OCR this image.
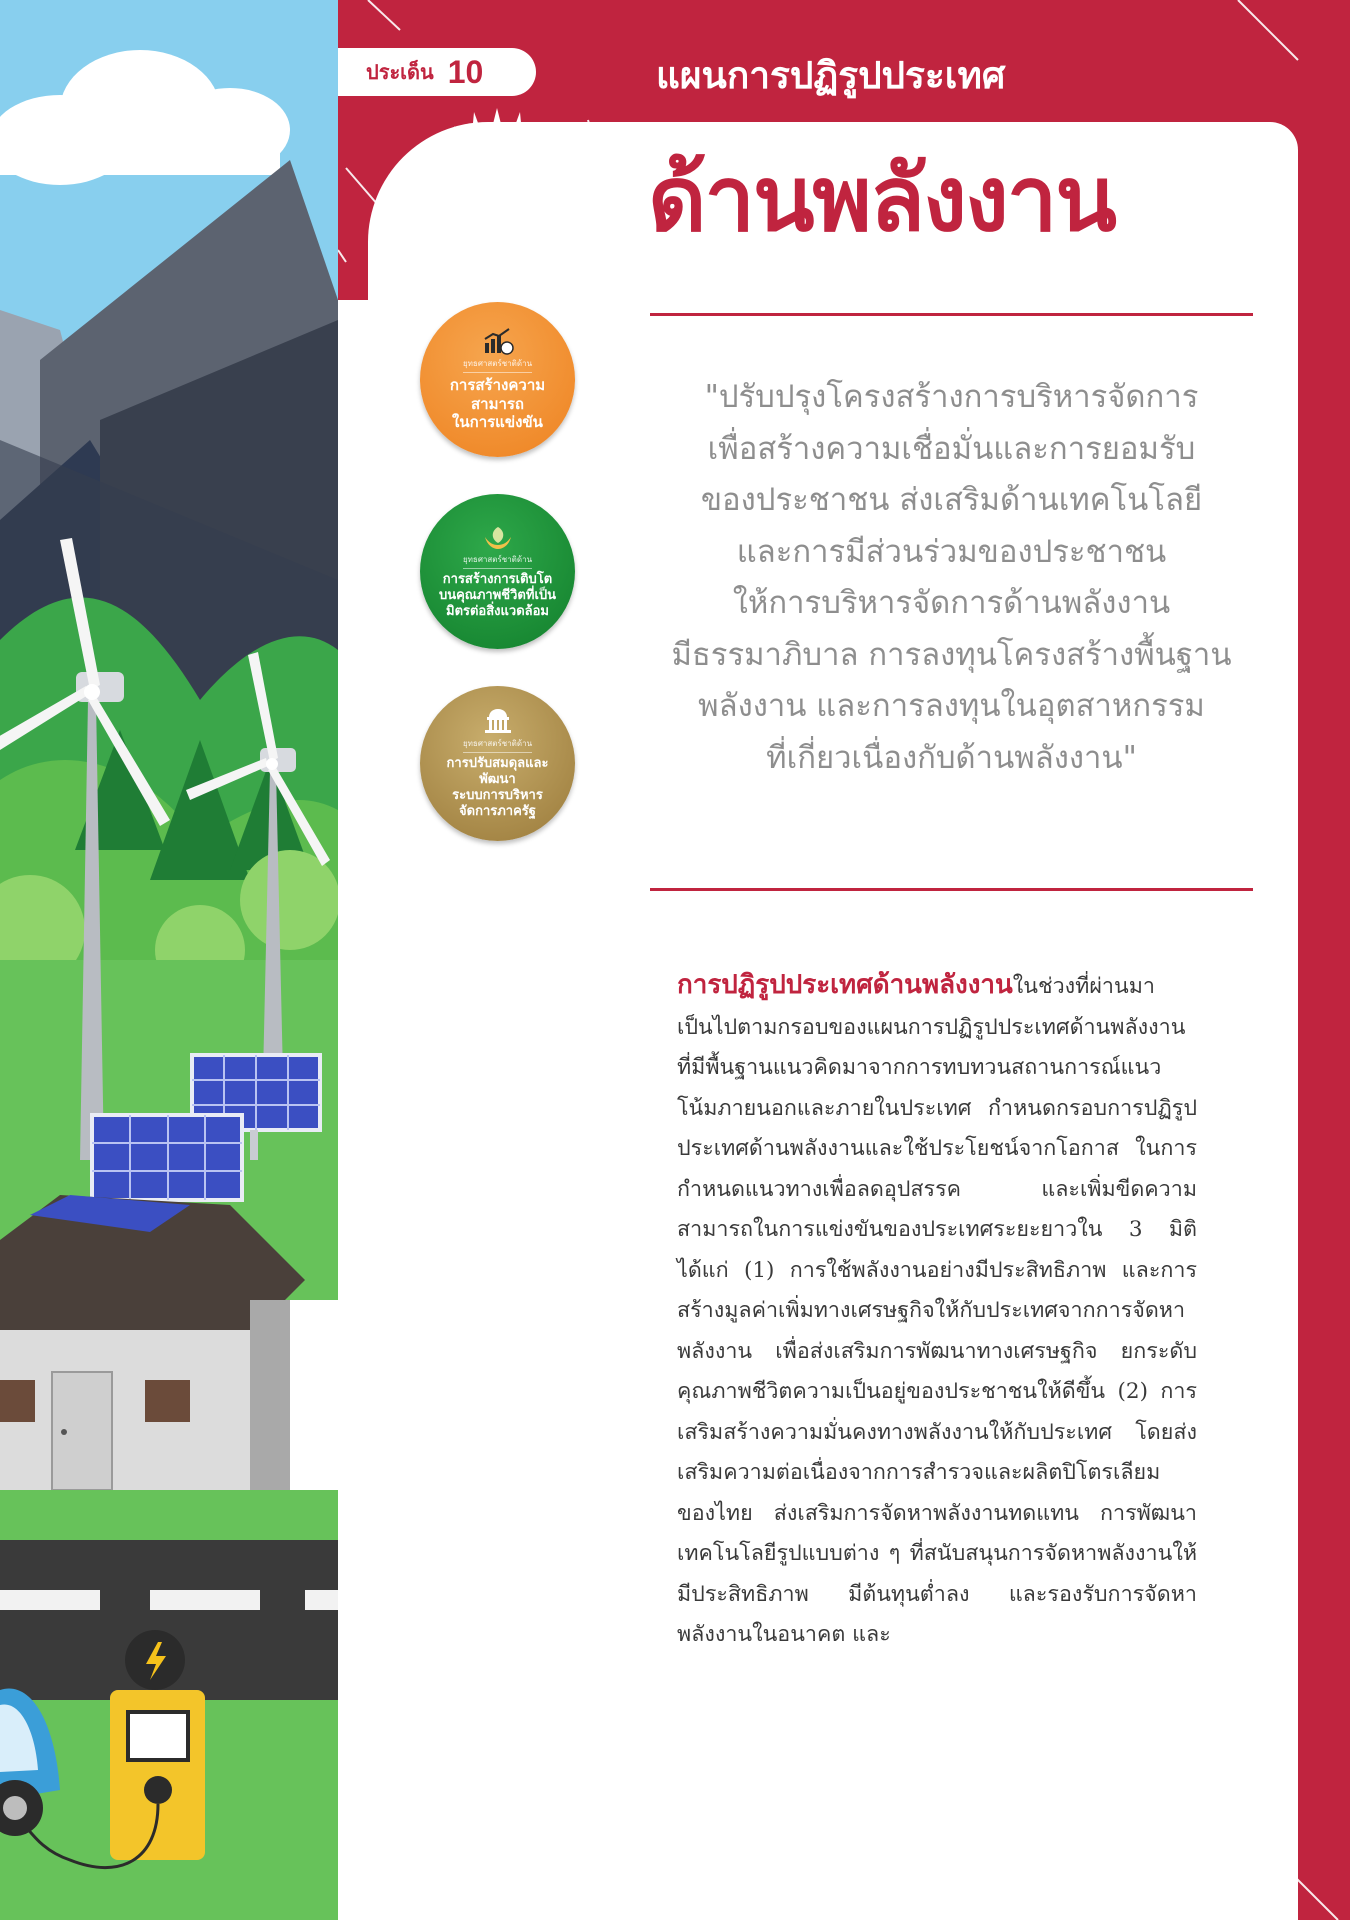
ประเด็น 10	แผนการปฏิรูปประเทศ
ด้านพลังงาน
ยุทธศาสตร์ชาติด้าน
การสร้างความสามารถ
ในการแข่งขัน
ยุทธศาสตร์ชาติด้าน
การสร้างการเติบโต
บนคุณภาพชีวิตที่เป็น
มิตรต่อสิ่งแวดล้อม
ยุทธศาสตร์ชาติด้าน
การปรับสมดุลและ
พัฒนา
ระบบการบริหาร
จัดการภาครัฐ
"ปรับปรุงโครงสร้างการบริหารจัดการ
เพื่อสร้างความเชื่อมั่นและการยอมรับ
ของประชาชน ส่งเสริมด้านเทคโนโลยี
และการมีส่วนร่วมของประชาชน
ให้การบริหารจัดการด้านพลังงาน
มีธรรมาภิบาล การลงทุนโครงสร้างพื้นฐาน
พลังงาน และการลงทุนในอุตสาหกรรม
ที่เกี่ยวเนื่องกับด้านพลังงาน"

การปฏิรูปประเทศด้านพลังงานในช่วงที่ผ่านมา เป็นไปตามกรอบของแผนการปฏิรูปประเทศด้านพลังงานที่มีพื้นฐานแนวคิดมาจากการทบทวนสถานการณ์แนวโน้มภายนอกและภายในประเทศ กำหนดกรอบการปฏิรูปประเทศด้านพลังงานและใช้ประโยชน์จากโอกาส ในการกำหนดแนวทางเพื่อลดอุปสรรค และเพิ่มขีดความสามารถในการแข่งขันของประเทศระยะยาวใน 3 มิติ ได้แก่ (1) การใช้พลังงานอย่างมีประสิทธิภาพ และการสร้างมูลค่าเพิ่มทางเศรษฐกิจให้กับประเทศจากการจัดหาพลังงาน เพื่อส่งเสริมการพัฒนาทางเศรษฐกิจ ยกระดับคุณภาพชีวิตความเป็นอยู่ของประชาชนให้ดีขึ้น (2) การเสริมสร้างความมั่นคงทางพลังงานให้กับประเทศ โดยส่งเสริมความต่อเนื่องจากการสำรวจและผลิตปิโตรเลียมของไทย ส่งเสริมการจัดหาพลังงานทดแทน การพัฒนาเทคโนโลยีรูปแบบต่าง ๆ ที่สนับสนุนการจัดหาพลังงานให้มีประสิทธิภาพ มีต้นทุนต่ำลง และรองรับการจัดหาพลังงานในอนาคต และ

469
